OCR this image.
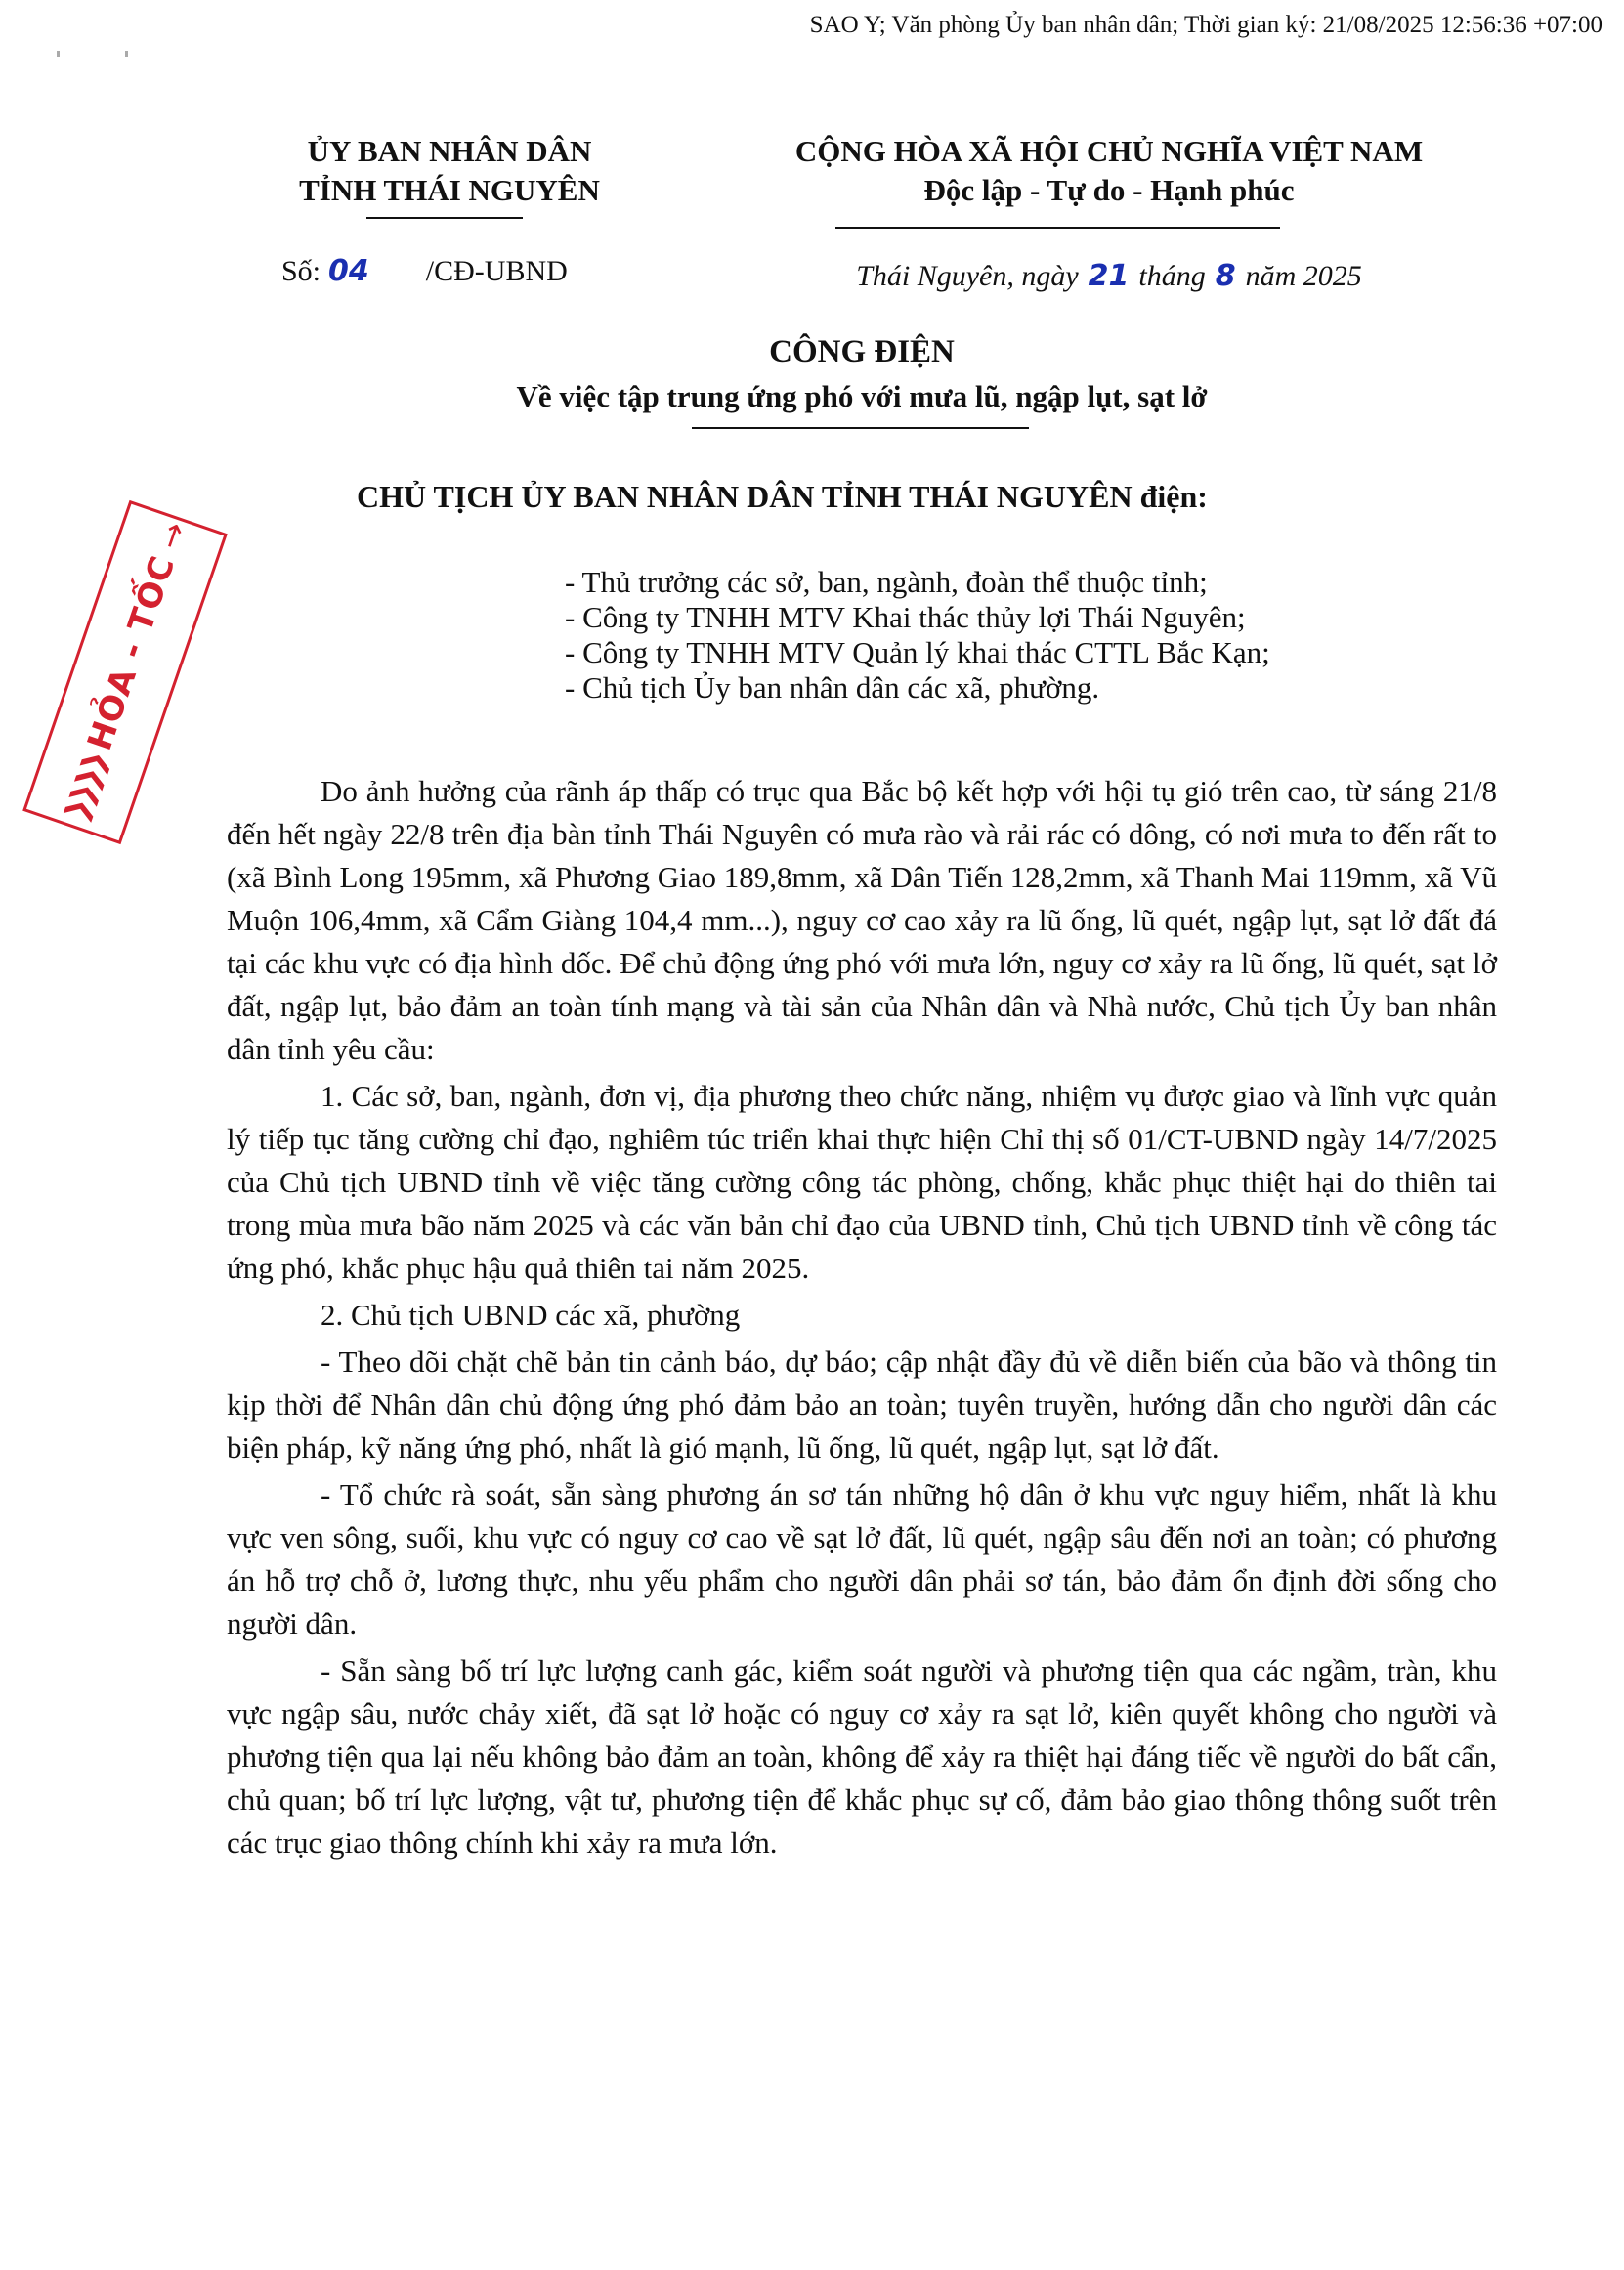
SAO Y; Văn phòng Ủy ban nhân dân; Thời gian ký: 21/08/2025 12:56:36 +07:00
ỦY BAN NHÂN DÂN
TỈNH THÁI NGUYÊN
CỘNG HÒA XÃ HỘI CHỦ NGHĨA VIỆT NAM
Độc lập - Tự do - Hạnh phúc
Số: 04 /CĐ-UBND	Thái Nguyên, ngày 21 tháng 8 năm 2025
CÔNG ĐIỆN
Về việc tập trung ứng phó với mưa lũ, ngập lụt, sạt lở
CHỦ TỊCH ỦY BAN NHÂN DÂN TỈNH THÁI NGUYÊN điện:
- Thủ trưởng các sở, ban, ngành, đoàn thể thuộc tỉnh;
- Công ty TNHH MTV Khai thác thủy lợi Thái Nguyên;
- Công ty TNHH MTV Quản lý khai thác CTTL Bắc Kạn;
- Chủ tịch Ủy ban nhân dân các xã, phường.
❯❯❯❯
HỎA - TỐC
→

Do ảnh hưởng của rãnh áp thấp có trục qua Bắc bộ kết hợp với hội tụ gió trên cao, từ sáng 21/8 đến hết ngày 22/8 trên địa bàn tỉnh Thái Nguyên có mưa rào và rải rác có dông, có nơi mưa to đến rất to (xã Bình Long 195mm, xã Phương Giao 189,8mm, xã Dân Tiến 128,2mm, xã Thanh Mai 119mm, xã Vũ Muộn 106,4mm, xã Cẩm Giàng 104,4 mm...), nguy cơ cao xảy ra lũ ống, lũ quét, ngập lụt, sạt lở đất đá tại các khu vực có địa hình dốc. Để chủ động ứng phó với mưa lớn, nguy cơ xảy ra lũ ống, lũ quét, sạt lở đất, ngập lụt, bảo đảm an toàn tính mạng và tài sản của Nhân dân và Nhà nước, Chủ tịch Ủy ban nhân dân tỉnh yêu cầu:

1. Các sở, ban, ngành, đơn vị, địa phương theo chức năng, nhiệm vụ được giao và lĩnh vực quản lý tiếp tục tăng cường chỉ đạo, nghiêm túc triển khai thực hiện Chỉ thị số 01/CT-UBND ngày 14/7/2025 của Chủ tịch UBND tỉnh về việc tăng cường công tác phòng, chống, khắc phục thiệt hại do thiên tai trong mùa mưa bão năm 2025 và các văn bản chỉ đạo của UBND tỉnh, Chủ tịch UBND tỉnh về công tác ứng phó, khắc phục hậu quả thiên tai năm 2025.

2. Chủ tịch UBND các xã, phường

- Theo dõi chặt chẽ bản tin cảnh báo, dự báo; cập nhật đầy đủ về diễn biến của bão và thông tin kịp thời để Nhân dân chủ động ứng phó đảm bảo an toàn; tuyên truyền, hướng dẫn cho người dân các biện pháp, kỹ năng ứng phó, nhất là gió mạnh, lũ ống, lũ quét, ngập lụt, sạt lở đất.

- Tổ chức rà soát, sẵn sàng phương án sơ tán những hộ dân ở khu vực nguy hiểm, nhất là khu vực ven sông, suối, khu vực có nguy cơ cao về sạt lở đất, lũ quét, ngập sâu đến nơi an toàn; có phương án hỗ trợ chỗ ở, lương thực, nhu yếu phẩm cho người dân phải sơ tán, bảo đảm ổn định đời sống cho người dân.

- Sẵn sàng bố trí lực lượng canh gác, kiểm soát người và phương tiện qua các ngầm, tràn, khu vực ngập sâu, nước chảy xiết, đã sạt lở hoặc có nguy cơ xảy ra sạt lở, kiên quyết không cho người và phương tiện qua lại nếu không bảo đảm an toàn, không để xảy ra thiệt hại đáng tiếc về người do bất cẩn, chủ quan; bố trí lực lượng, vật tư, phương tiện để khắc phục sự cố, đảm bảo giao thông thông suốt trên các trục giao thông chính khi xảy ra mưa lớn.
